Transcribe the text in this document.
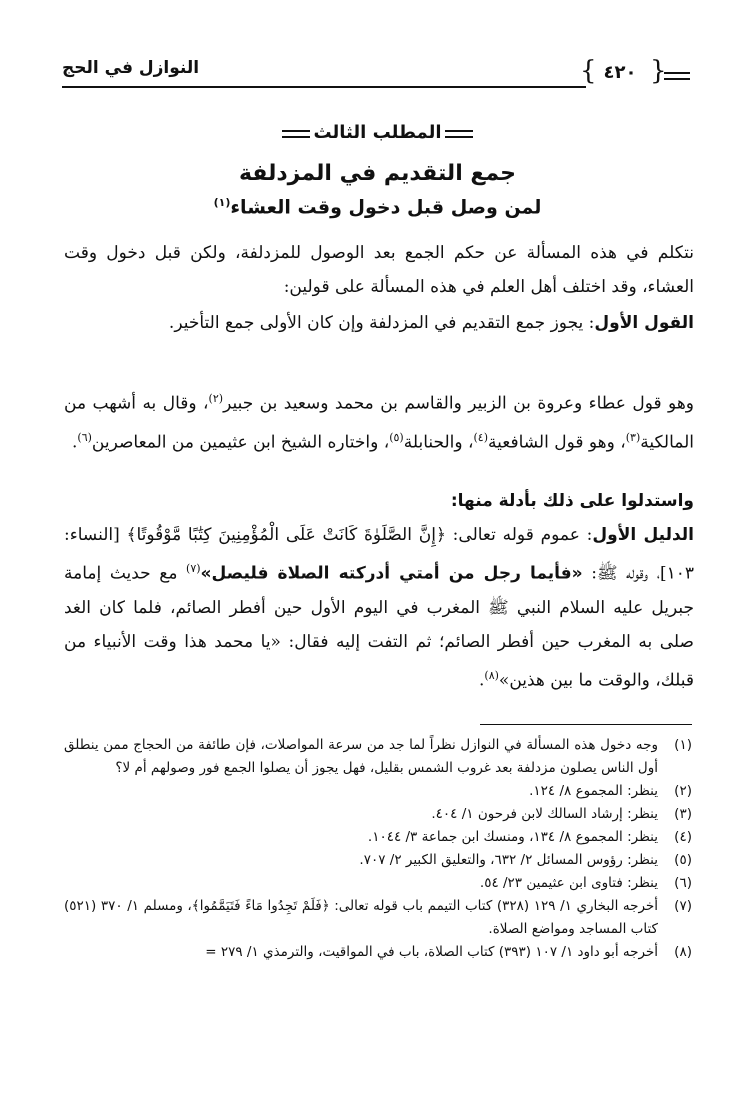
النوازل في الحج	{ ٤٢٠ }
المطلب الثالث
جمع التقديم في المزدلفة
لمن وصل قبل دخول وقت العشاء$^{(١)}$
نتكلم في هذه المسألة عن حكم الجمع بعد الوصول للمزدلفة، ولكن قبل دخول وقت العشاء، وقد اختلف أهل العلم في هذه المسألة على قولين:
القول الأول: يجوز جمع التقديم في المزدلفة وإن كان الأولى جمع التأخير.
وهو قول عطاء وعروة بن الزبير والقاسم بن محمد وسعيد بن جبير$^{(٢)}$، وقال به أشهب من المالكية$^{(٣)}$، وهو قول الشافعية$^{(٤)}$، والحنابلة$^{(٥)}$، واختاره الشيخ ابن عثيمين من المعاصرين$^{(٦)}$.
واستدلوا على ذلك بأدلة منها:
الدليل الأول: عموم قوله تعالى: ﴿إِنَّ الصَّلَوٰةَ كَانَتْ عَلَى الْمُؤْمِنِينَ كِتَٰبًا مَّوْقُوتًا﴾ [النساء: ١٠٣]، وقوله ﷺ: «فأيما رجل من أمتي أدركته الصلاة فليصل»$^{(٧)}$ مع حديث إمامة جبريل عليه السلام النبي ﷺ المغرب في اليوم الأول حين أفطر الصائم، فلما كان الغد صلى به المغرب حين أفطر الصائم؛ ثم التفت إليه فقال: «يا محمد هذا وقت الأنبياء من قبلك، والوقت ما بين هذين»$^{(٨)}$.
(١)
وجه دخول هذه المسألة في النوازل نظراً لما جد من سرعة المواصلات، فإن طائفة من الحجاج ممن ينطلق أول الناس يصلون مزدلفة بعد غروب الشمس بقليل، فهل يجوز أن يصلوا الجمع فور وصولهم أم لا؟
(٢)
ينظر: المجموع ٨/ ١٢٤.
(٣)
ينظر: إرشاد السالك لابن فرحون ١/ ٤٠٤.
(٤)
ينظر: المجموع ٨/ ١٣٤، ومنسك ابن جماعة ٣/ ١٠٤٤.
(٥)
ينظر: رؤوس المسائل ٢/ ٦٣٢، والتعليق الكبير ٢/ ٧٠٧.
(٦)
ينظر: فتاوى ابن عثيمين ٢٣/ ٥٤.
(٧)
أخرجه البخاري ١/ ١٢٩ (٣٢٨) كتاب التيمم باب قوله تعالى: ﴿فَلَمْ تَجِدُوا مَاءً فَتَيَمَّمُوا﴾، ومسلم ١/ ٣٧٠ (٥٢١) كتاب المساجد ومواضع الصلاة.
(٨)
أخرجه أبو داود ١/ ١٠٧ (٣٩٣) كتاب الصلاة، باب في المواقيت، والترمذي ١/ ٢٧٩ =
